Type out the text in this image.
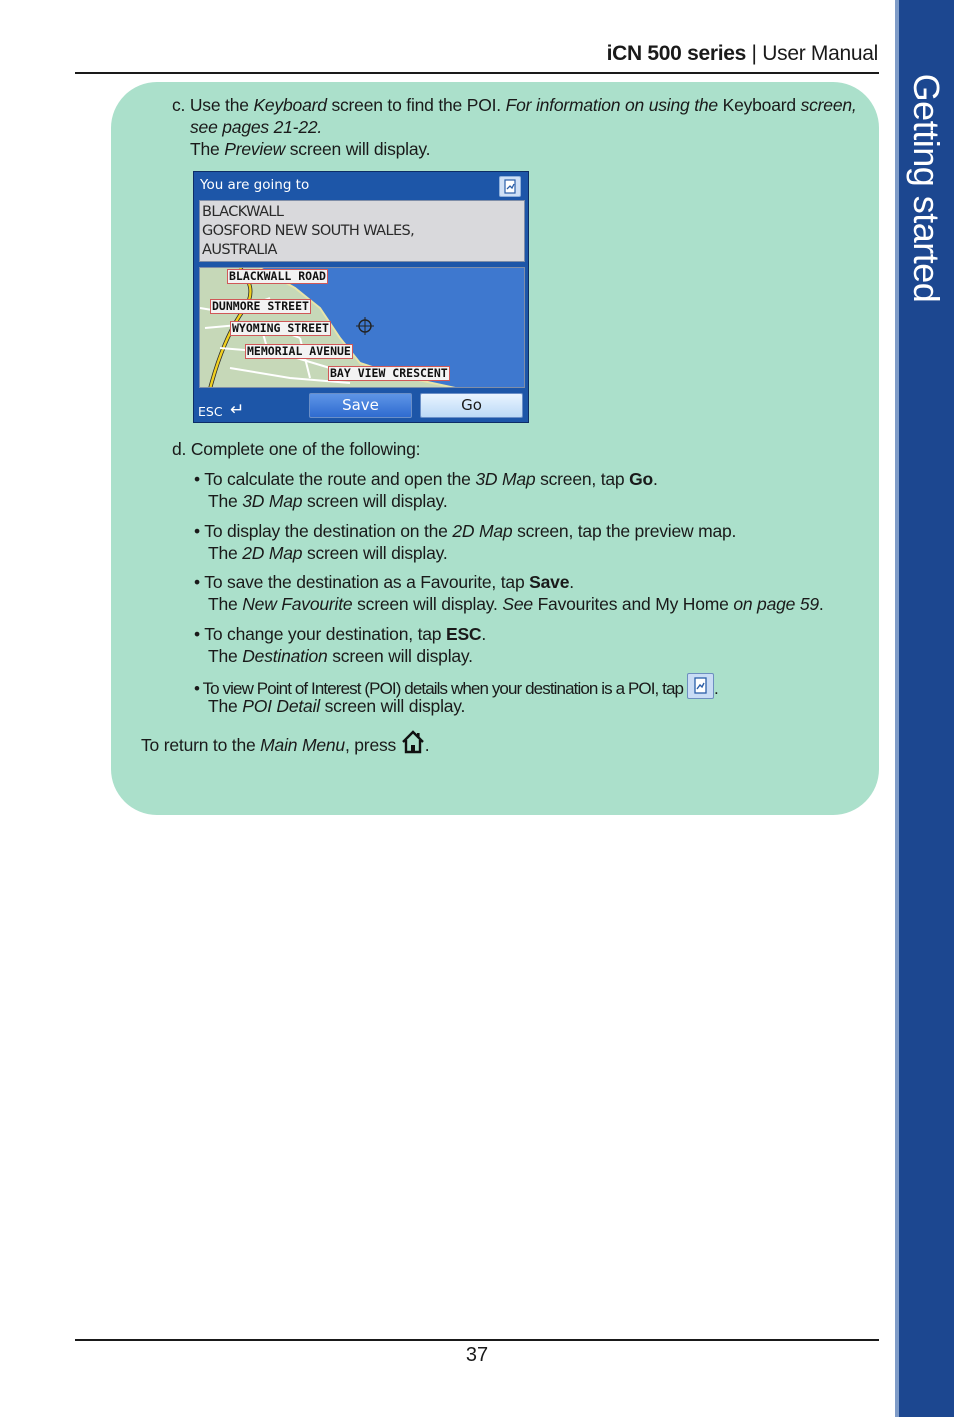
iCN 500 series | User Manual
Getting started
c. Use the Keyboard screen to find the POI. For information on using the Keyboard screen,
see pages 21-22.
The Preview screen will display.
You are going to
BLACKWALL
GOSFORD NEW SOUTH WALES,
AUSTRALIA
BLACKWALL ROAD
DUNMORE STREET
WYOMING STREET
MEMORIAL AVENUE
BAY VIEW CRESCENT
ESC ↵	Save	Go
d. Complete one of the following:
• To calculate the route and open the 3D Map screen, tap Go.
The 3D Map screen will display.
• To display the destination on the 2D Map screen, tap the preview map.
The 2D Map screen will display.
• To save the destination as a Favourite, tap Save.
The New Favourite screen will display. See Favourites and My Home on page 59.
• To change your destination, tap ESC.
The Destination screen will display.
• To view Point of Interest (POI) details when your destination is a POI, tap .
The POI Detail screen will display.
To return to the Main Menu, press .
37
